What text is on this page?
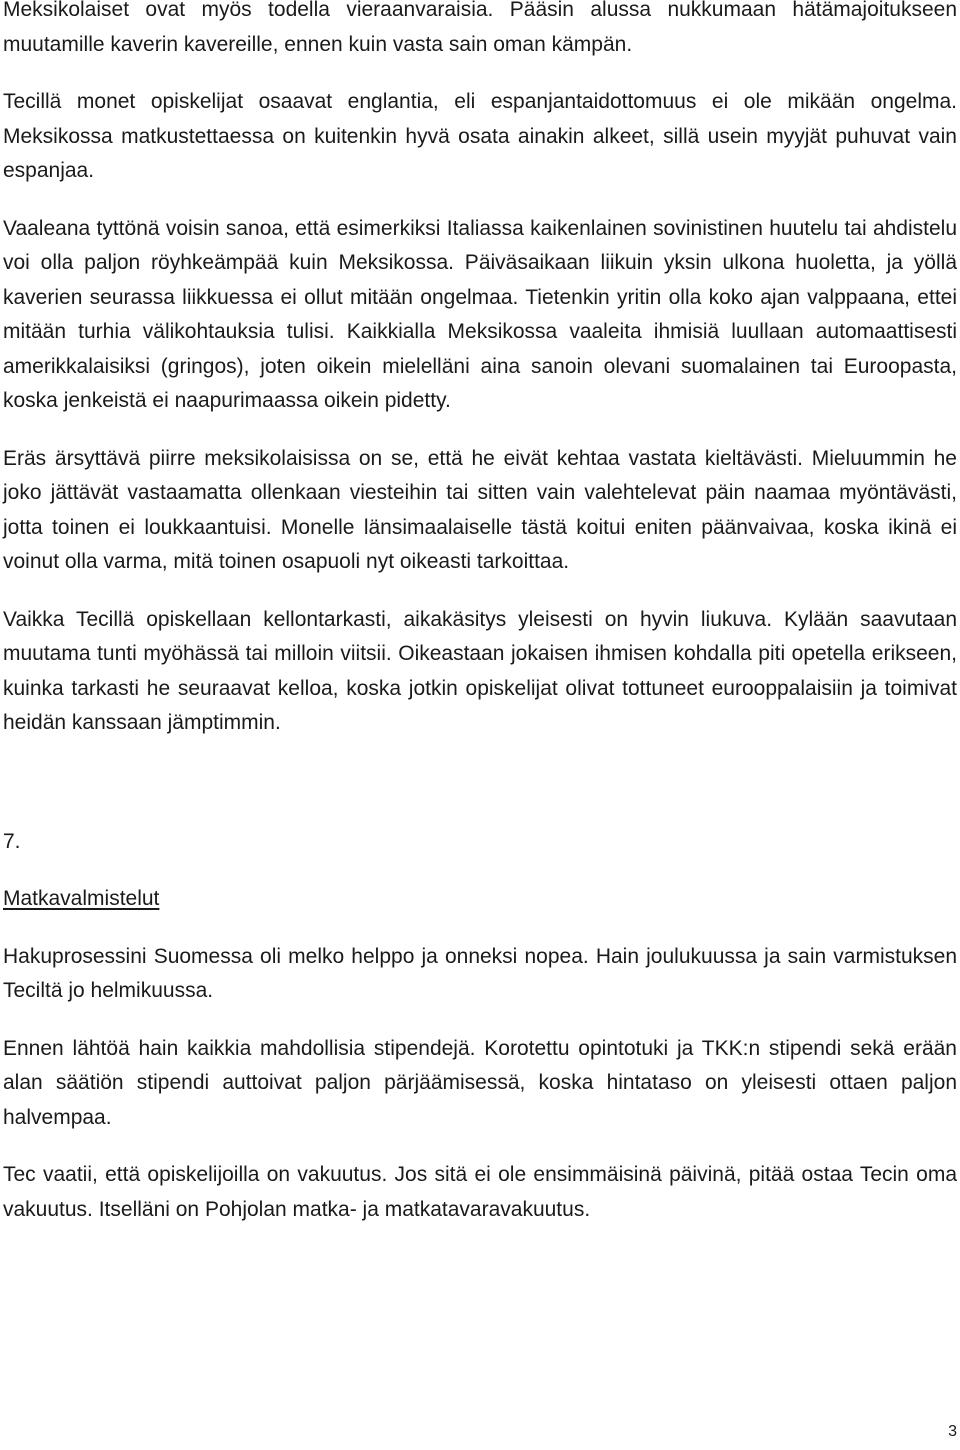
Meksikolaiset ovat myös todella vieraanvaraisia. Pääsin alussa nukkumaan hätämajoitukseen muutamille kaverin kavereille, ennen kuin vasta sain oman kämpän.

Tecillä monet opiskelijat osaavat englantia, eli espanjantaidottomuus ei ole mikään ongelma. Meksikossa matkustettaessa on kuitenkin hyvä osata ainakin alkeet, sillä usein myyjät puhuvat vain espanjaa.

Vaaleana tyttönä voisin sanoa, että esimerkiksi Italiassa kaikenlainen sovinistinen huutelu tai ahdistelu voi olla paljon röyhkeämpää kuin Meksikossa. Päiväsaikaan liikuin yksin ulkona huoletta, ja yöllä kaverien seurassa liikkuessa ei ollut mitään ongelmaa. Tietenkin yritin olla koko ajan valppaana, ettei mitään turhia välikohtauksia tulisi. Kaikkialla Meksikossa vaaleita ihmisiä luullaan automaattisesti amerikkalaisiksi (gringos), joten oikein mielelläni aina sanoin olevani suomalainen tai Euroopasta, koska jenkeistä ei naapurimaassa oikein pidetty.

Eräs ärsyttävä piirre meksikolaisissa on se, että he eivät kehtaa vastata kieltävästi. Mieluummin he joko jättävät vastaamatta ollenkaan viesteihin tai sitten vain valehtelevat päin naamaa myöntävästi, jotta toinen ei loukkaantuisi. Monelle länsimaalaiselle tästä koitui eniten päänvaivaa, koska ikinä ei voinut olla varma, mitä toinen osapuoli nyt oikeasti tarkoittaa.

Vaikka Tecillä opiskellaan kellontarkasti, aikakäsitys yleisesti on hyvin liukuva. Kylään saavutaan muutama tunti myöhässä tai milloin viitsii. Oikeastaan jokaisen ihmisen kohdalla piti opetella erikseen, kuinka tarkasti he seuraavat kelloa, koska jotkin opiskelijat olivat tottuneet eurooppalaisiin ja toimivat heidän kanssaan jämptimmin.

7.

Matkavalmistelut

Hakuprosessini Suomessa oli melko helppo ja onneksi nopea. Hain joulukuussa ja sain varmistuksen Teciltä jo helmikuussa.

Ennen lähtöä hain kaikkia mahdollisia stipendejä. Korotettu opintotuki ja TKK:n stipendi sekä erään alan säätiön stipendi auttoivat paljon pärjäämisessä, koska hintataso on yleisesti ottaen paljon halvempaa.

Tec vaatii, että opiskelijoilla on vakuutus. Jos sitä ei ole ensimmäisinä päivinä, pitää ostaa Tecin oma vakuutus. Itselläni on Pohjolan matka- ja matkatavaravakuutus.

3
